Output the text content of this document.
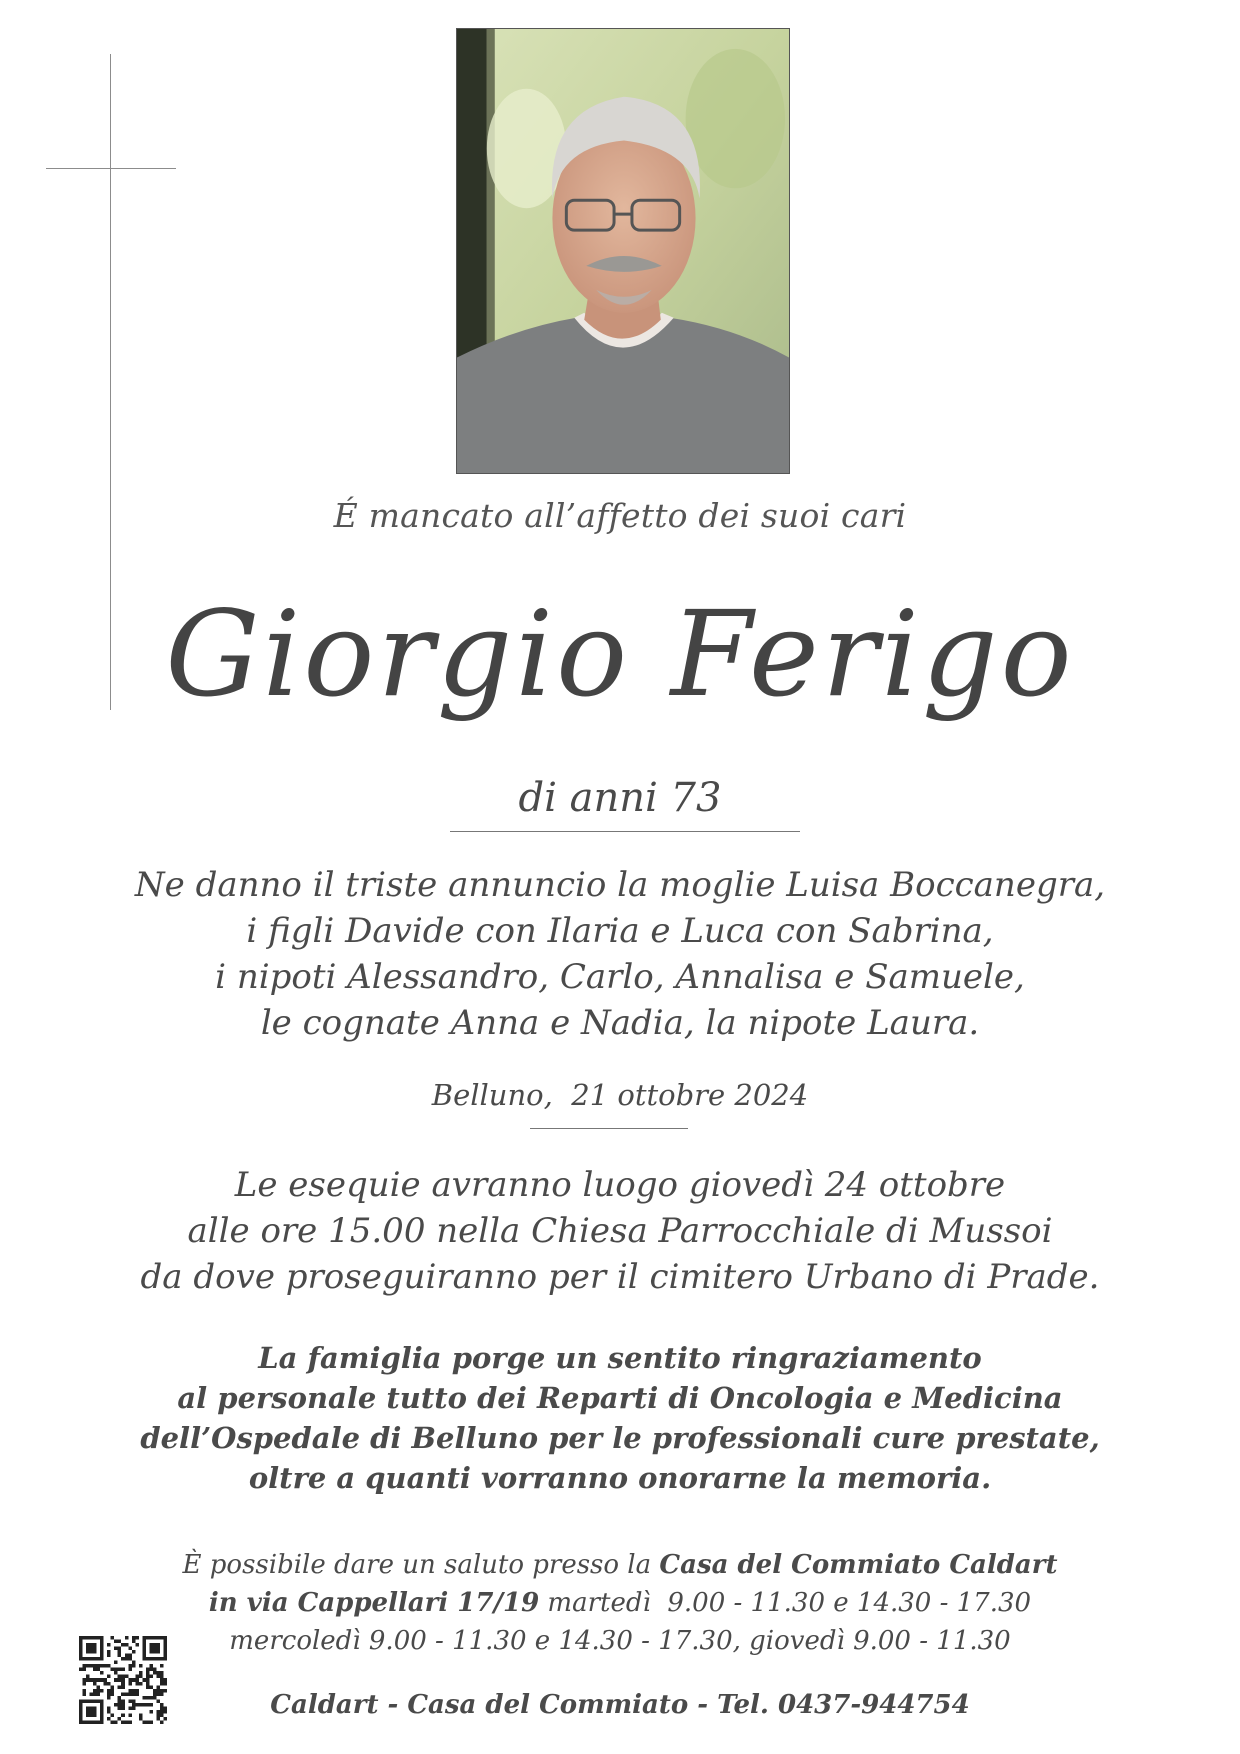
É mancato all’affetto dei suoi cari
Giorgio Ferigo
di anni 73
Ne danno il triste annuncio la moglie Luisa Boccanegra,
i figli Davide con Ilaria e Luca con Sabrina,
i nipoti Alessandro, Carlo, Annalisa e Samuele,
le cognate Anna e Nadia, la nipote Laura.
Belluno,  21 ottobre 2024
Le esequie avranno luogo giovedì 24 ottobre
alle ore 15.00 nella Chiesa Parrocchiale di Mussoi
da dove proseguiranno per il cimitero Urbano di Prade.
La famiglia porge un sentito ringraziamento
al personale tutto dei Reparti di Oncologia e Medicina
dell’Ospedale di Belluno per le professionali cure prestate,
oltre a quanti vorranno onorarne la memoria.
È possibile dare un saluto presso la Casa del Commiato Caldart
in via Cappellari 17/19 martedì  9.00 - 11.30 e 14.30 - 17.30
mercoledì 9.00 - 11.30 e 14.30 - 17.30, giovedì 9.00 - 11.30
Caldart - Casa del Commiato - Tel. 0437-944754
